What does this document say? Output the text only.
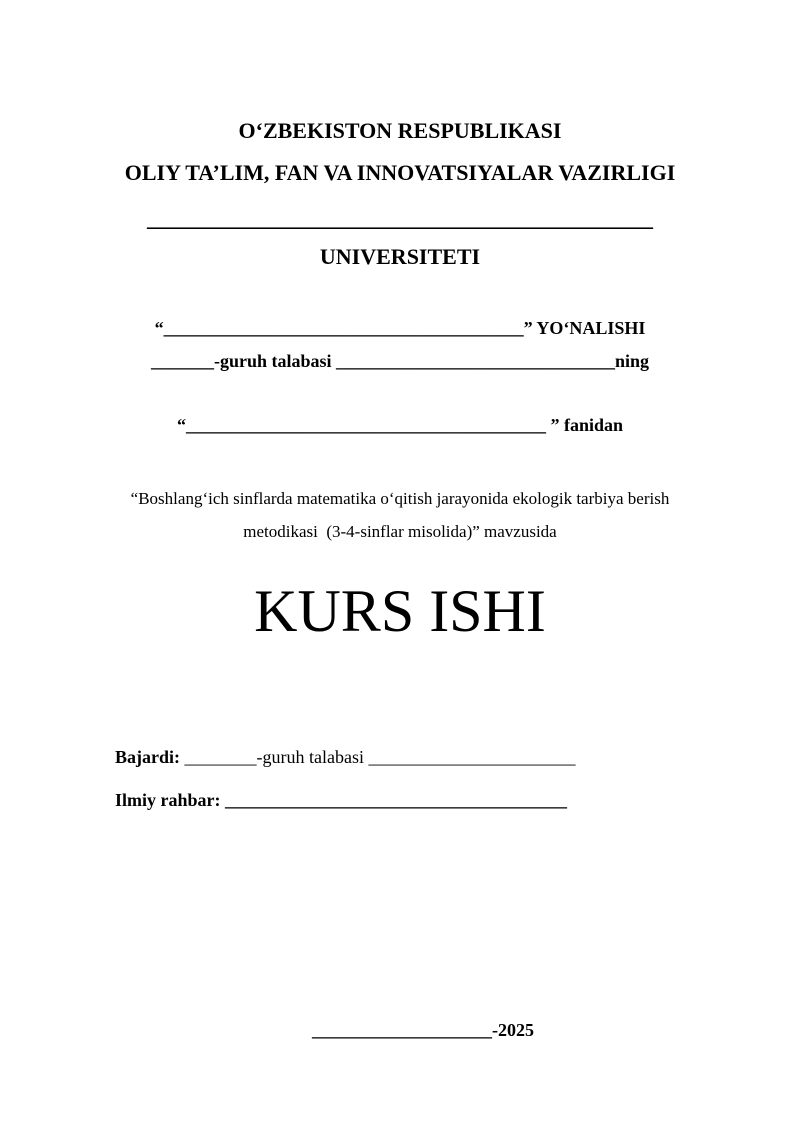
O‘ZBEKISTON RESPUBLIKASI
OLIY TA’LIM, FAN VA INNOVATSIYALAR VAZIRLIGI
______________________________________________
UNIVERSITETI
“________________________________________” YO‘NALISHI
_______-guruh talabasi _______________________________ning
“________________________________________ ” fanidan
“Boshlang‘ich sinflarda matematika o‘qitish jarayonida ekologik tarbiya berish
metodikasi  (3-4-sinflar misolida)” mavzusida
KURS ISHI
Bajardi: ________-guruh talabasi _______________________
Ilmiy rahbar: ______________________________________
____________________-2025
